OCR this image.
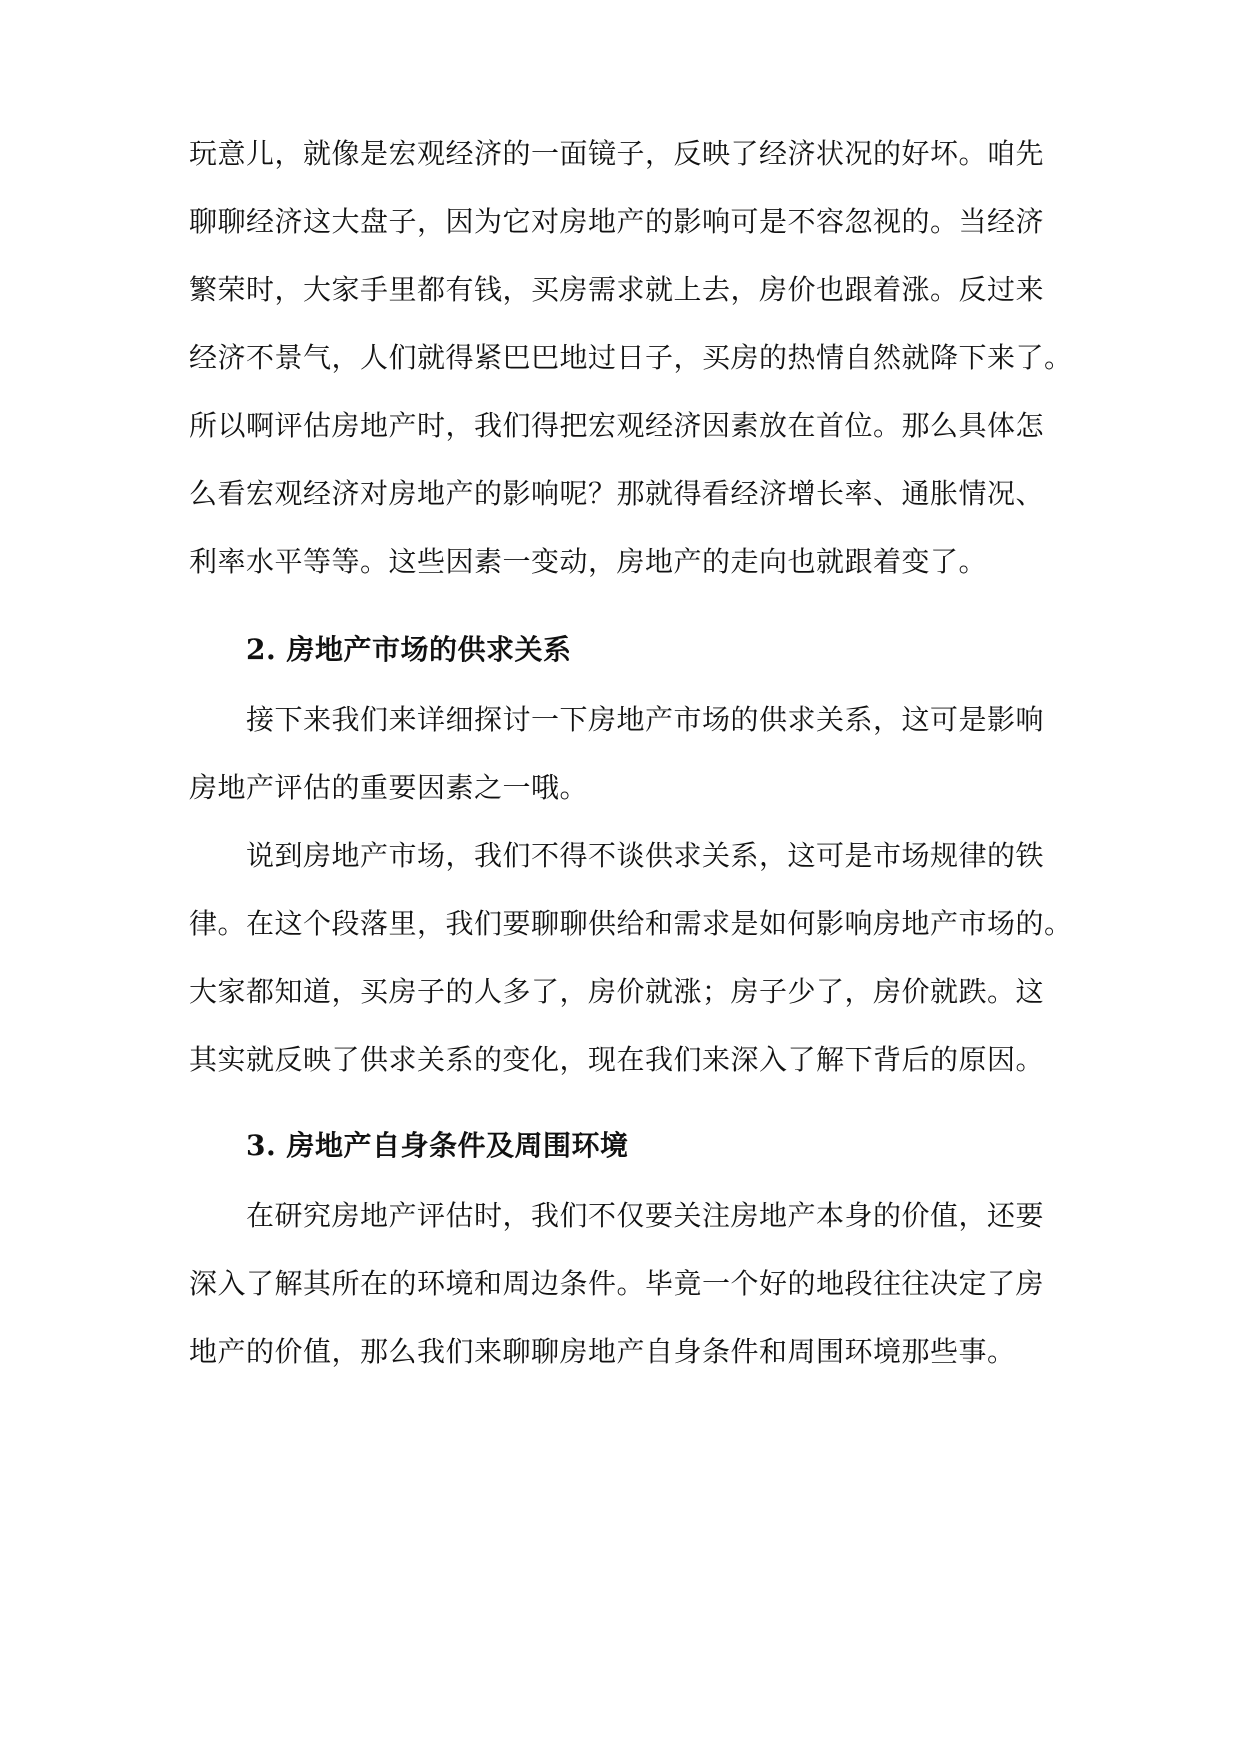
玩意儿，就像是宏观经济的一面镜子，反映了经济状况的好坏。咱先
聊聊经济这大盘子，因为它对房地产的影响可是不容忽视的。当经济
繁荣时，大家手里都有钱，买房需求就上去，房价也跟着涨。反过来
经济不景气，人们就得紧巴巴地过日子，买房的热情自然就降下来了。
所以啊评估房地产时，我们得把宏观经济因素放在首位。那么具体怎
么看宏观经济对房地产的影响呢？那就得看经济增长率、通胀情况、
利率水平等等。这些因素一变动，房地产的走向也就跟着变了。
2. 房地产市场的供求关系
接下来我们来详细探讨一下房地产市场的供求关系，这可是影响
房地产评估的重要因素之一哦。
说到房地产市场，我们不得不谈供求关系，这可是市场规律的铁
律。在这个段落里，我们要聊聊供给和需求是如何影响房地产市场的。
大家都知道，买房子的人多了，房价就涨；房子少了，房价就跌。这
其实就反映了供求关系的变化，现在我们来深入了解下背后的原因。
3. 房地产自身条件及周围环境
在研究房地产评估时，我们不仅要关注房地产本身的价值，还要
深入了解其所在的环境和周边条件。毕竟一个好的地段往往决定了房
地产的价值，那么我们来聊聊房地产自身条件和周围环境那些事。
